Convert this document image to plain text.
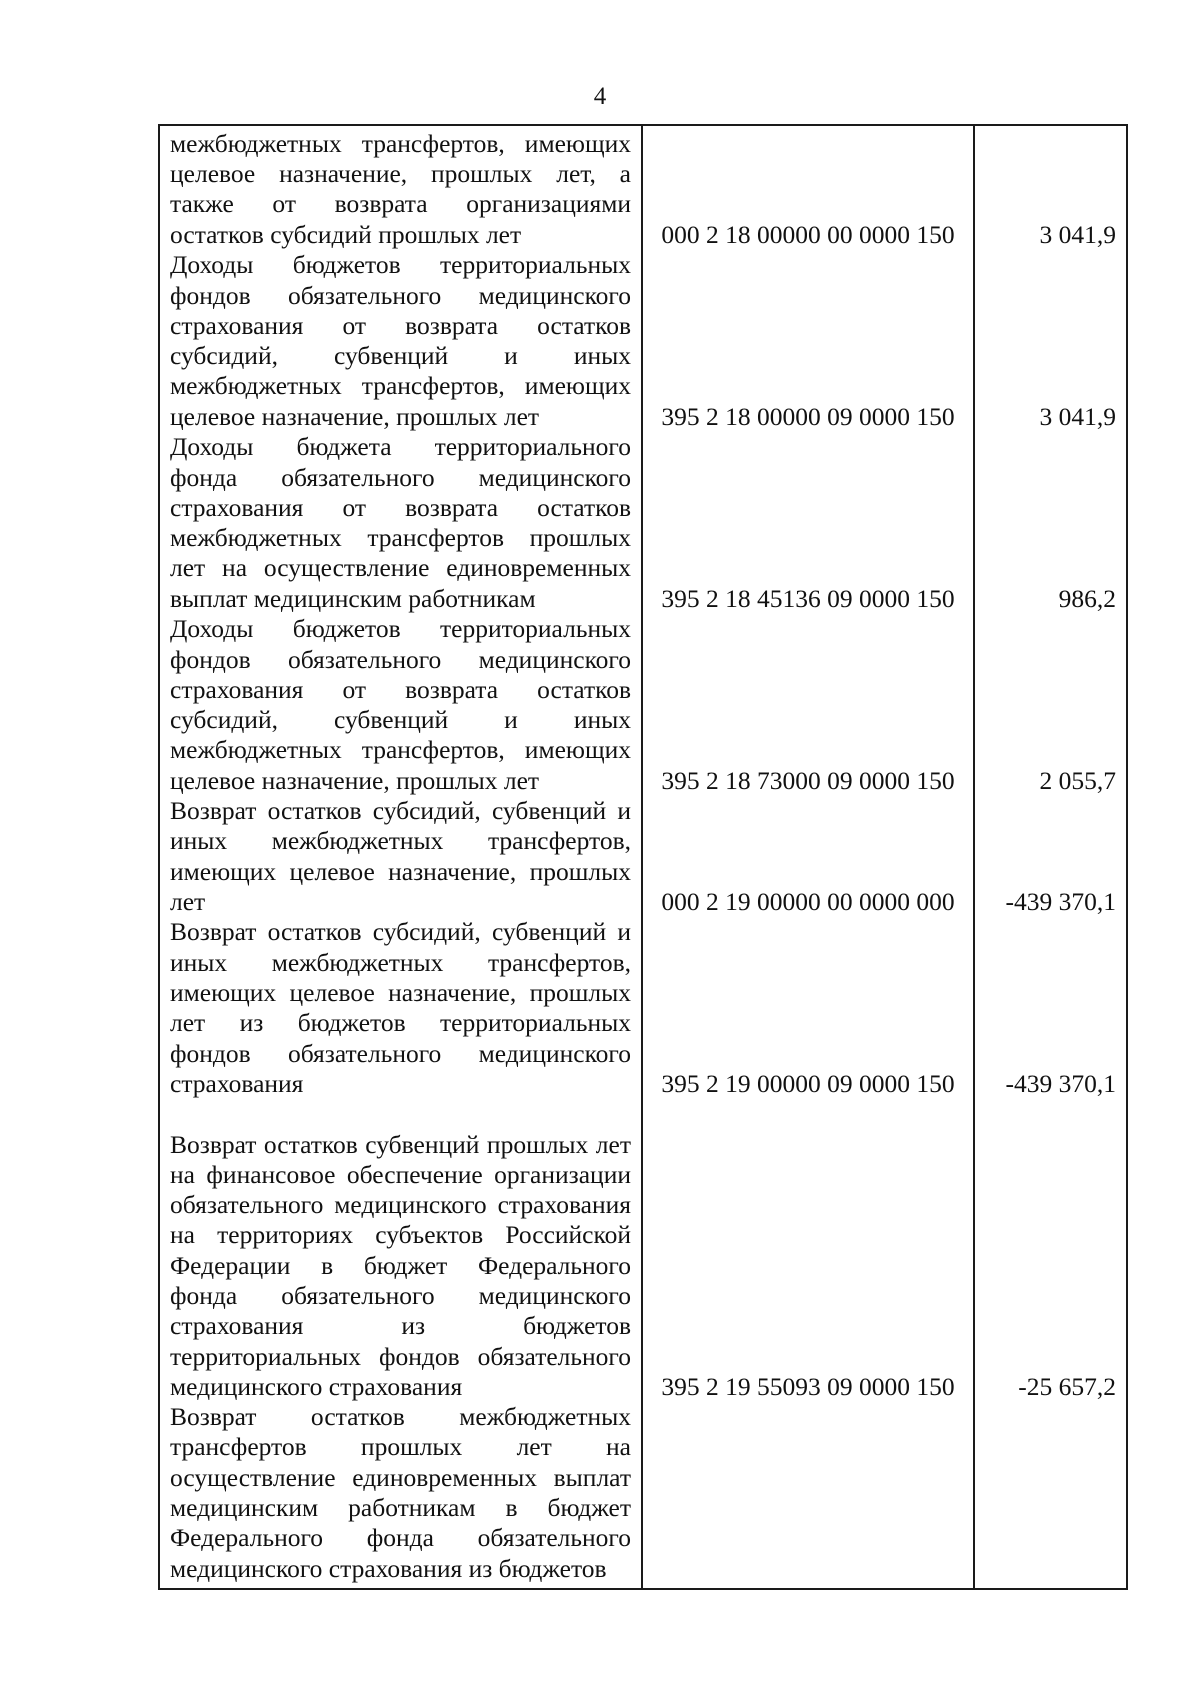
4
межбюджетных трансфертов, имеющих целевое назначение, прошлых лет, а также от возврата организациями остатков субсидий прошлых лет	000 2 18 00000 00 0000 150	3 041,9
Доходы бюджетов территориальных фондов обязательного медицинского страхования от возврата остатков субсидий, субвенций и иных межбюджетных трансфертов, имеющих целевое назначение, прошлых лет	395 2 18 00000 09 0000 150	3 041,9
Доходы бюджета территориального фонда обязательного медицинского страхования от возврата остатков межбюджетных трансфертов прошлых лет на осуществление единовременных выплат медицинским работникам	395 2 18 45136 09 0000 150	986,2
Доходы бюджетов территориальных фондов обязательного медицинского страхования от возврата остатков субсидий, субвенций и иных межбюджетных трансфертов, имеющих целевое назначение, прошлых лет	395 2 18 73000 09 0000 150	2 055,7
Возврат остатков субсидий, субвенций и иных межбюджетных трансфертов, имеющих целевое назначение, прошлых лет	000 2 19 00000 00 0000 000	-439 370,1
Возврат остатков субсидий, субвенций и иных межбюджетных трансфертов, имеющих целевое назначение, прошлых лет из бюджетов территориальных фондов обязательного медицинского страхования	395 2 19 00000 09 0000 150	-439 370,1
Возврат остатков субвенций прошлых лет на финансовое обеспечение организации обязательного медицинского страхования на территориях субъектов Российской Федерации в бюджет Федерального фонда обязательного медицинского страхования из бюджетов территориальных фондов обязательного медицинского страхования	395 2 19 55093 09 0000 150	-25 657,2
Возврат остатков межбюджетных трансфертов прошлых лет на осуществление единовременных выплат медицинским работникам в бюджет Федерального фонда обязательного медицинского страхования из бюджетов		
